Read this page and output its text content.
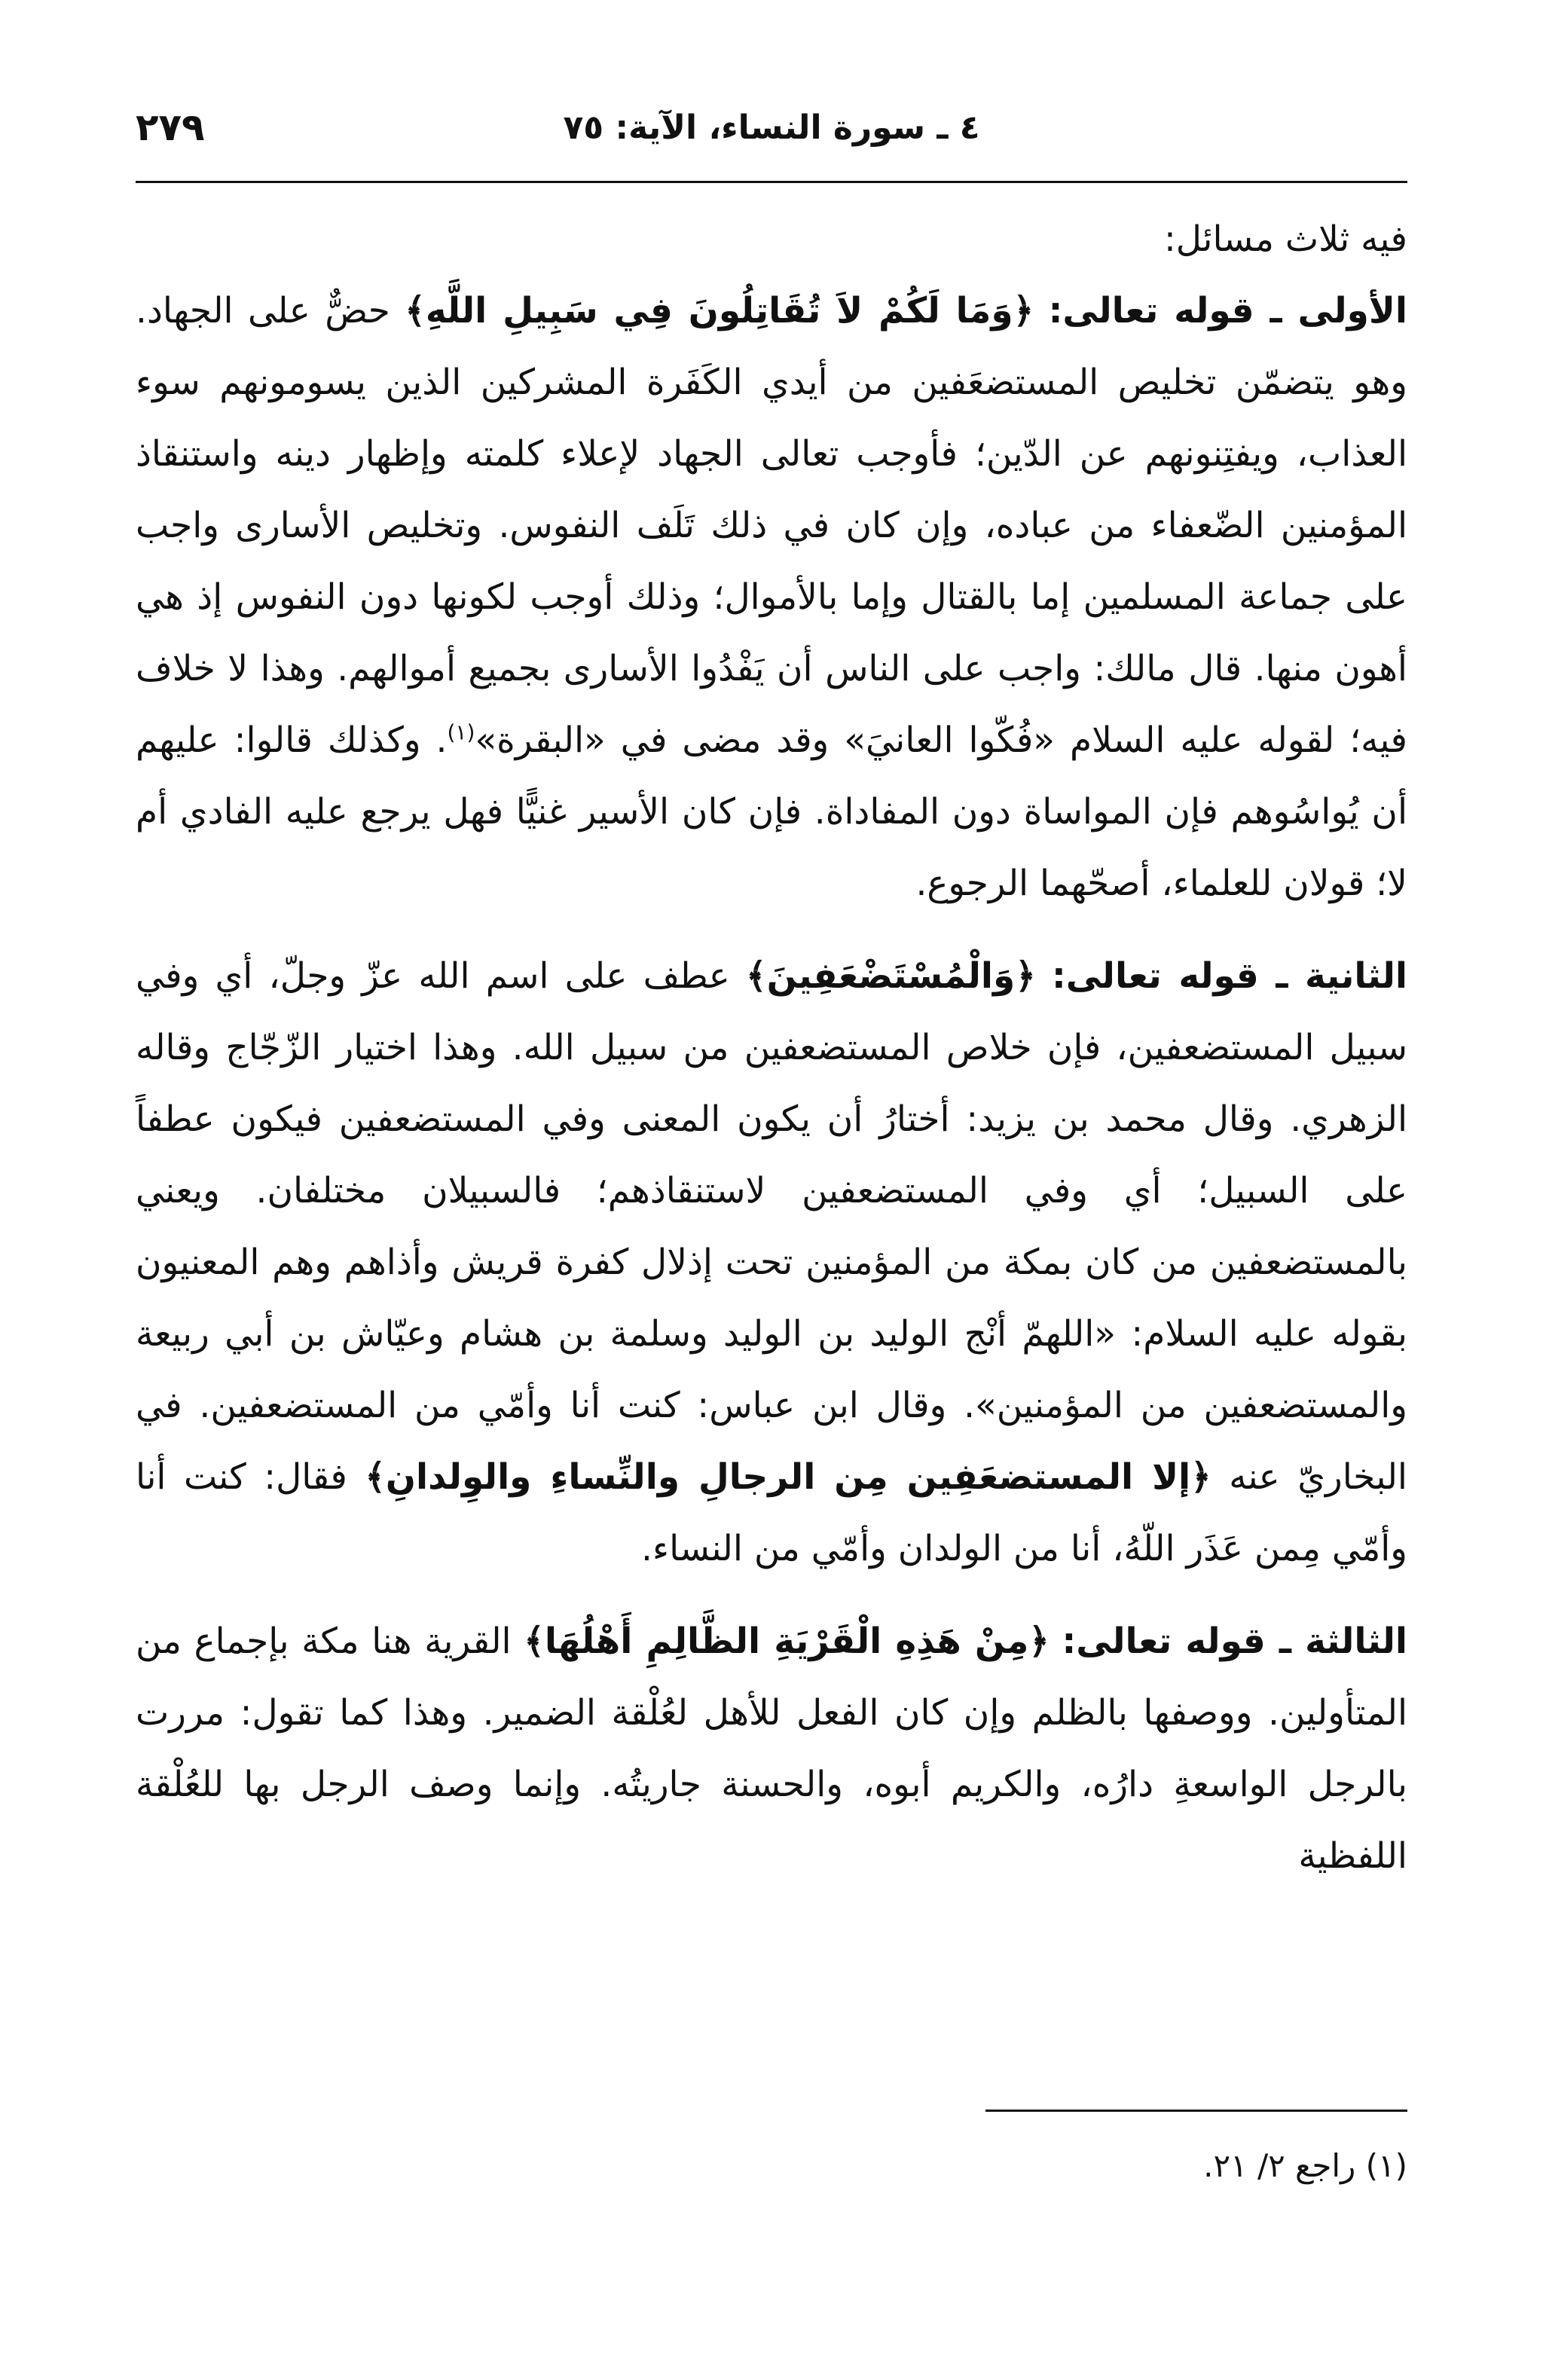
٢٧٩	٤ ـ سورة النساء، الآية: ٧٥

فيه ثلاث مسائل:

الأولى ـ قوله تعالى: ﴿وَمَا لَكُمْ لاَ تُقَاتِلُونَ فِي سَبِيلِ اللَّهِ﴾ حضٌّ على الجهاد. وهو يتضمّن تخليص المستضعَفين من أيدي الكَفَرة المشركين الذين يسومونهم سوء العذاب، ويفتِنونهم عن الدّين؛ فأوجب تعالى الجهاد لإعلاء كلمته وإظهار دينه واستنقاذ المؤمنين الضّعفاء من عباده، وإن كان في ذلك تَلَف النفوس. وتخليص الأسارى واجب على جماعة المسلمين إما بالقتال وإما بالأموال؛ وذلك أوجب لكونها دون النفوس إذ هي أهون منها. قال مالك: واجب على الناس أن يَفْدُوا الأسارى بجميع أموالهم. وهذا لا خلاف فيه؛ لقوله عليه السلام «فُكّوا العانيَ» وقد مضى في «البقرة»$^{(١)}$. وكذلك قالوا: عليهم أن يُواسُوهم فإن المواساة دون المفاداة. فإن كان الأسير غنيًّا فهل يرجع عليه الفادي أم لا؛ قولان للعلماء، أصحّهما الرجوع.

الثانية ـ قوله تعالى: ﴿وَالْمُسْتَضْعَفِينَ﴾ عطف على اسم الله عزّ وجلّ، أي وفي سبيل المستضعفين، فإن خلاص المستضعفين من سبيل الله. وهذا اختيار الزّجّاج وقاله الزهري. وقال محمد بن يزيد: أختارُ أن يكون المعنى وفي المستضعفين فيكون عطفاً على السبيل؛ أي وفي المستضعفين لاستنقاذهم؛ فالسبيلان مختلفان. ويعني بالمستضعفين من كان بمكة من المؤمنين تحت إذلال كفرة قريش وأذاهم وهم المعنيون بقوله عليه السلام: «اللهمّ أنْج الوليد بن الوليد وسلمة بن هشام وعيّاش بن أبي ربيعة والمستضعفين من المؤمنين». وقال ابن عباس: كنت أنا وأمّي من المستضعفين. في البخاريّ عنه ﴿إلا المستضعَفِين مِن الرجالِ والنِّساءِ والوِلدانِ﴾ فقال: كنت أنا وأمّي مِمن عَذَر اللّهُ، أنا من الولدان وأمّي من النساء.

الثالثة ـ قوله تعالى: ﴿مِنْ هَذِهِ الْقَرْيَةِ الظَّالِمِ أَهْلُهَا﴾ القرية هنا مكة بإجماع من المتأولين. ووصفها بالظلم وإن كان الفعل للأهل لعُلْقة الضمير. وهذا كما تقول: مررت بالرجل الواسعةِ دارُه، والكريم أبوه، والحسنة جاريتُه. وإنما وصف الرجل بها للعُلْقة اللفظية

(١) راجع ٢/ ٢١.
